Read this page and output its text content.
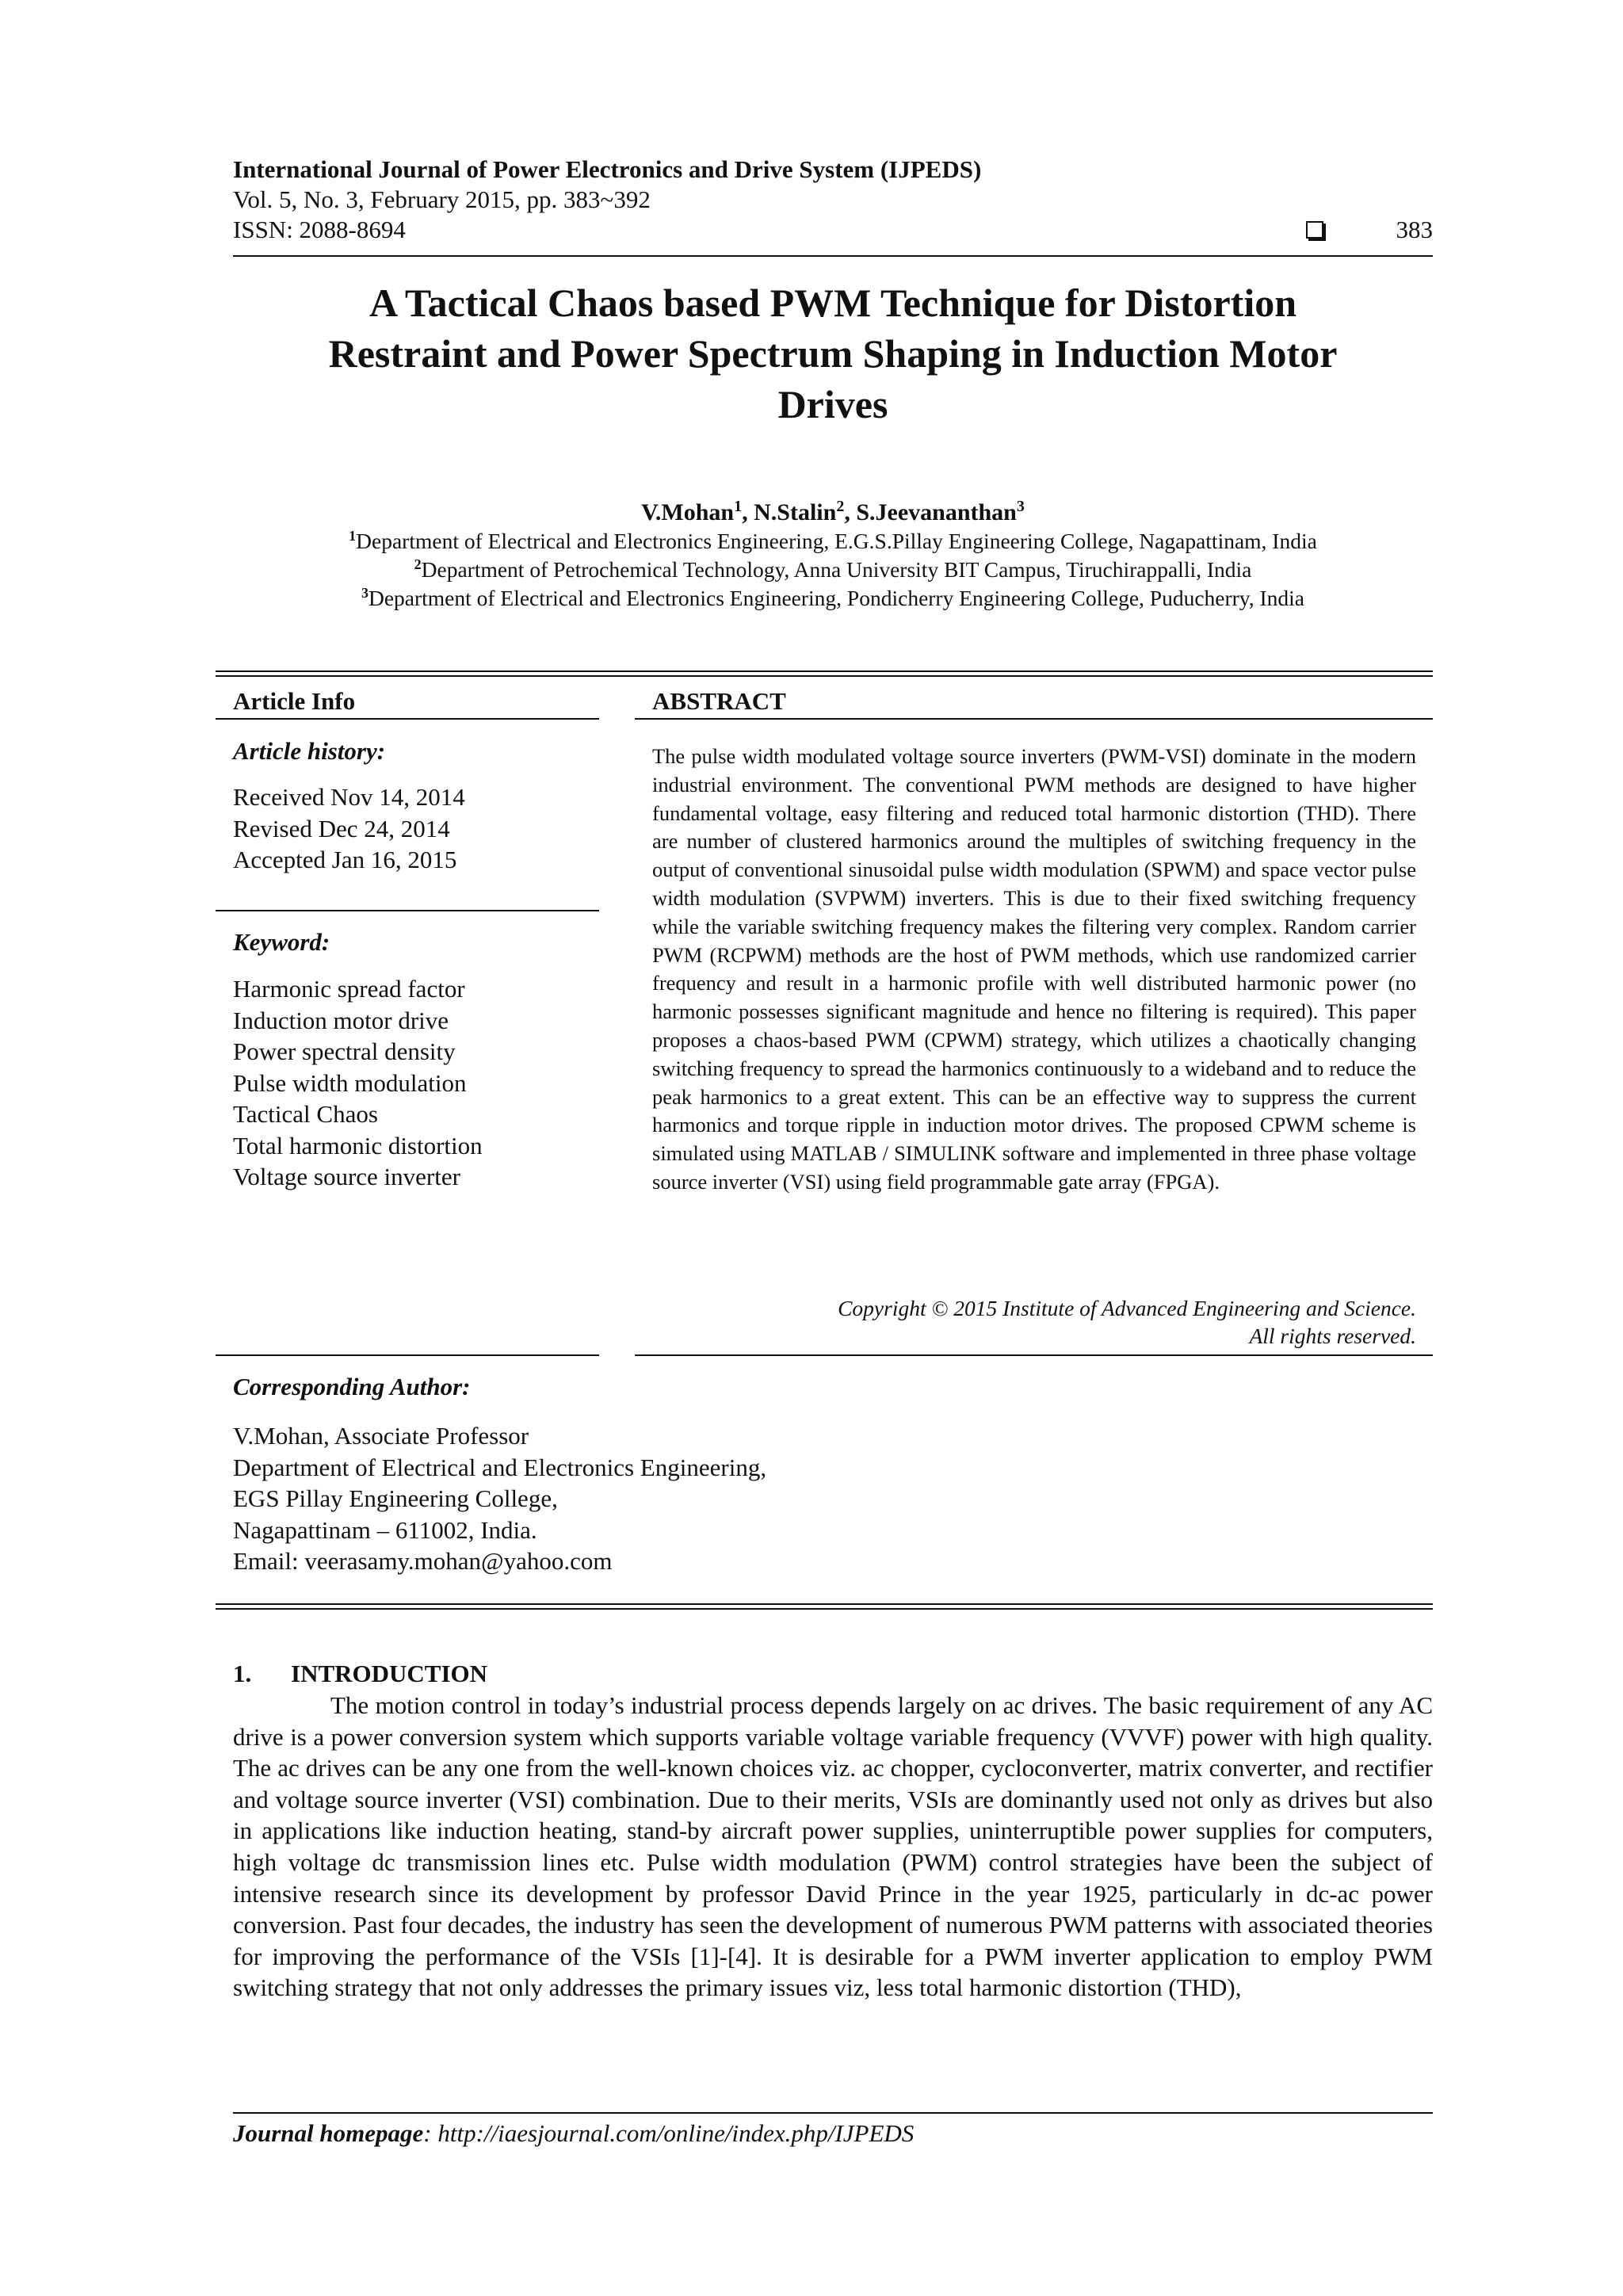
International Journal of Power Electronics and Drive System (IJPEDS)
Vol. 5, No. 3, February 2015, pp. 383~392
ISSN: 2088-8694	383
A Tactical Chaos based PWM Technique for Distortion
Restraint and Power Spectrum Shaping in Induction Motor
Drives
V.Mohan$^1$, N.Stalin$^2$, S.Jeevananthan$^3$
$^1$Department of Electrical and Electronics Engineering, E.G.S.Pillay Engineering College, Nagapattinam, India
$^2$Department of Petrochemical Technology, Anna University BIT Campus, Tiruchirappalli, India
$^3$Department of Electrical and Electronics Engineering, Pondicherry Engineering College, Puducherry, India
Article Info
Article history:
Received Nov 14, 2014
Revised Dec 24, 2014
Accepted Jan 16, 2015
Keyword:
Harmonic spread factor
Induction motor drive
Power spectral density
Pulse width modulation
Tactical Chaos
Total harmonic distortion
Voltage source inverter
ABSTRACT
The pulse width modulated voltage source inverters (PWM-VSI) dominate in the modern industrial environment. The conventional PWM methods are designed to have higher fundamental voltage, easy filtering and reduced total harmonic distortion (THD). There are number of clustered harmonics around the multiples of switching frequency in the output of conventional sinusoidal pulse width modulation (SPWM) and space vector pulse width modulation (SVPWM) inverters. This is due to their fixed switching frequency while the variable switching frequency makes the filtering very complex. Random carrier PWM (RCPWM) methods are the host of PWM methods, which use randomized carrier frequency and result in a harmonic profile with well distributed harmonic power (no harmonic possesses significant magnitude and hence no filtering is required). This paper proposes a chaos-based PWM (CPWM) strategy, which utilizes a chaotically changing switching frequency to spread the harmonics continuously to a wideband and to reduce the peak harmonics to a great extent. This can be an effective way to suppress the current harmonics and torque ripple in induction motor drives. The proposed CPWM scheme is simulated using MATLAB / SIMULINK software and implemented in three phase voltage source inverter (VSI) using field programmable gate array (FPGA).
Copyright © 2015 Institute of Advanced Engineering and Science.
All rights reserved.
Corresponding Author:
V.Mohan, Associate Professor
Department of Electrical and Electronics Engineering,
EGS Pillay Engineering College,
Nagapattinam – 611002, India.
Email: veerasamy.mohan@yahoo.com
1. INTRODUCTION
The motion control in today’s industrial process depends largely on ac drives. The basic requirement of any AC drive is a power conversion system which supports variable voltage variable frequency (VVVF) power with high quality. The ac drives can be any one from the well-known choices viz. ac chopper, cycloconverter, matrix converter, and rectifier and voltage source inverter (VSI) combination. Due to their merits, VSIs are dominantly used not only as drives but also in applications like induction heating, stand-by aircraft power supplies, uninterruptible power supplies for computers, high voltage dc transmission lines etc. Pulse width modulation (PWM) control strategies have been the subject of intensive research since its development by professor David Prince in the year 1925, particularly in dc-ac power conversion. Past four decades, the industry has seen the development of numerous PWM patterns with associated theories for improving the performance of the VSIs [1]-[4]. It is desirable for a PWM inverter application to employ PWM switching strategy that not only addresses the primary issues viz, less total harmonic distortion (THD),
Journal homepage: http://iaesjournal.com/online/index.php/IJPEDS
